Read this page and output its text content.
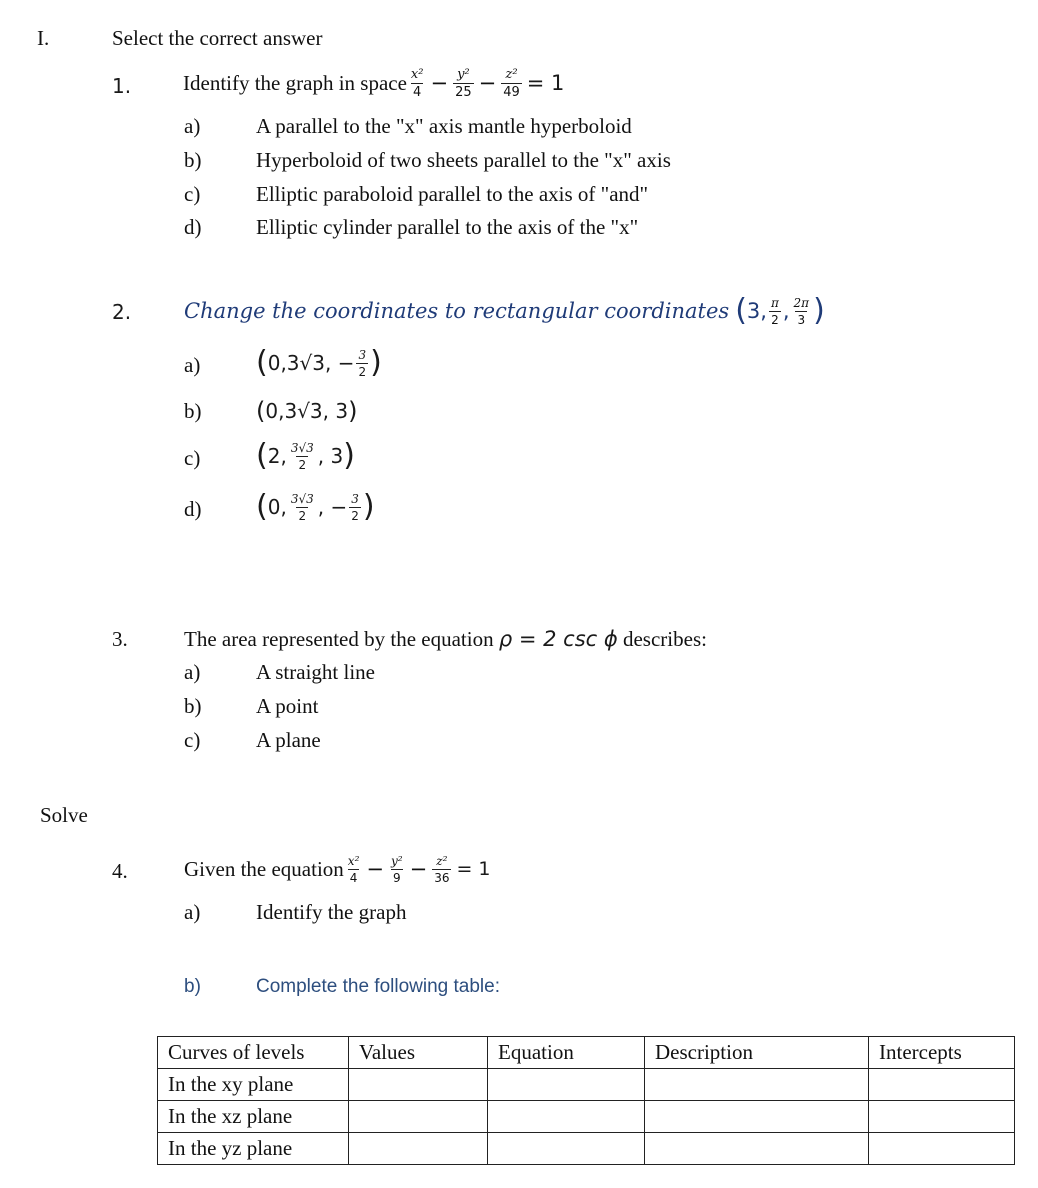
I.	Select the correct answer
1. Identify the graph in space $\frac{\text{x²}}{4} - \frac{\text{y²}}{25} - \frac{\text{z²}}{49} = 1$
a)	A parallel to the "x" axis mantle hyperboloid
b)	Hyperboloid of two sheets parallel to the "x" axis
c)	Elliptic paraboloid parallel to the axis of "and"
d)	Elliptic cylinder parallel to the axis of the "x"
2.	Change the coordinates to rectangular coordinates ( 3, $\frac{\pi}{2}$ , $\frac{2\pi}{3}$ )
a) ( 0,3√3, − $\frac{3}{2}$ )
b) ( 0,3√3, 3 )
c) ( 2, $\frac{3√3}{2}$ , 3 )
d) ( 0, $\frac{3√3}{2}$ , − $\frac{3}{2}$ )
3.	The area represented by the equation ρ = 2 csc ϕ describes:
a)	A straight line
b)	A point
c)	A plane
Solve
4.	Given the equation $\frac{\text{x²}}{4} - \frac{\text{y²}}{9} - \frac{\text{z²}}{36} = 1$
a)	Identify the graph
b)	Complete the following table:
Curves of levels	Values	Equation	Description	Intercepts
In the xy plane				
In the xz plane				
In the yz plane				
